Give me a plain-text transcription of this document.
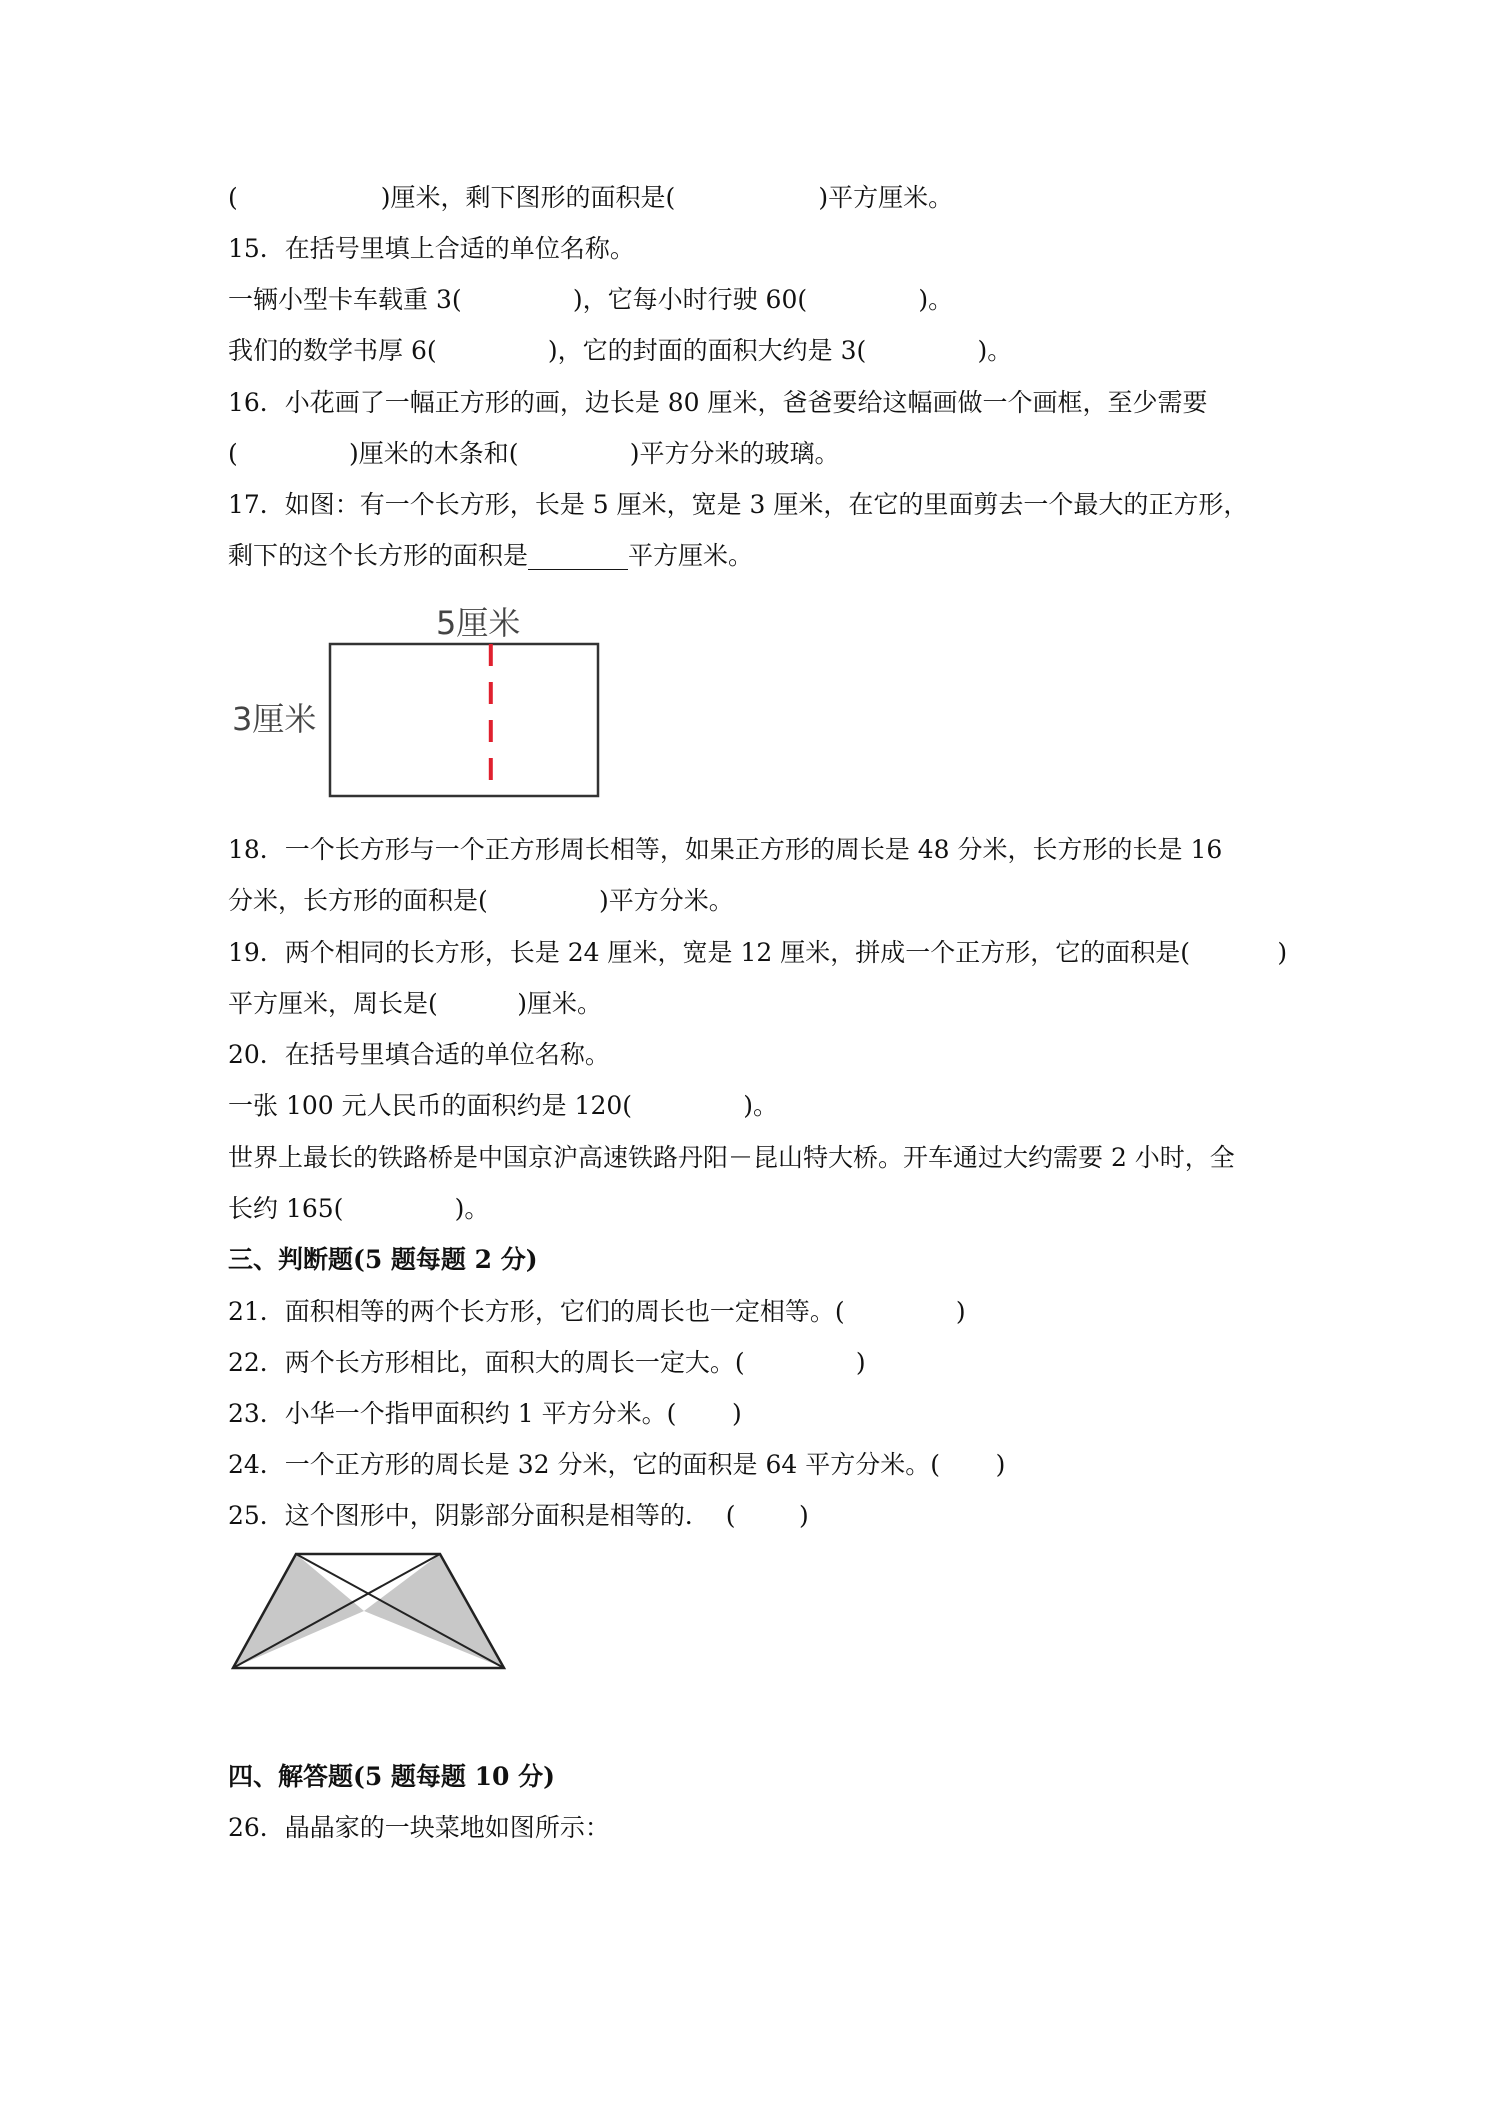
(                  )厘米，剩下图形的面积是(                  )平方厘米。
15．在括号里填上合适的单位名称。
一辆小型卡车载重 3(              )，它每小时行驶 60(              )。
我们的数学书厚 6(              )，它的封面的面积大约是 3(              )。
16．小花画了一幅正方形的画，边长是 80 厘米，爸爸要给这幅画做一个画框，至少需要
(              )厘米的木条和(              )平方分米的玻璃。
17．如图：有一个长方形，长是 5 厘米，宽是 3 厘米，在它的里面剪去一个最大的正方形，
剩下的这个长方形的面积是________平方厘米。
5厘米
3厘米
18．一个长方形与一个正方形周长相等，如果正方形的周长是 48 分米，长方形的长是 16
分米，长方形的面积是(              )平方分米。
19．两个相同的长方形，长是 24 厘米，宽是 12 厘米，拼成一个正方形，它的面积是(           )
平方厘米，周长是(          )厘米。
20．在括号里填合适的单位名称。
一张 100 元人民币的面积约是 120(              )。
世界上最长的铁路桥是中国京沪高速铁路丹阳－昆山特大桥。开车通过大约需要 2 小时，全
长约 165(              )。
三、判断题(5 题每题 2 分)
21．面积相等的两个长方形，它们的周长也一定相等。(              )
22．两个长方形相比，面积大的周长一定大。(              )
23．小华一个指甲面积约 1 平方分米。(       )
24．一个正方形的周长是 32 分米，它的面积是 64 平方分米。(       )
25．这个图形中，阴影部分面积是相等的．  (        )
四、解答题(5 题每题 10 分)
26．晶晶家的一块菜地如图所示：
